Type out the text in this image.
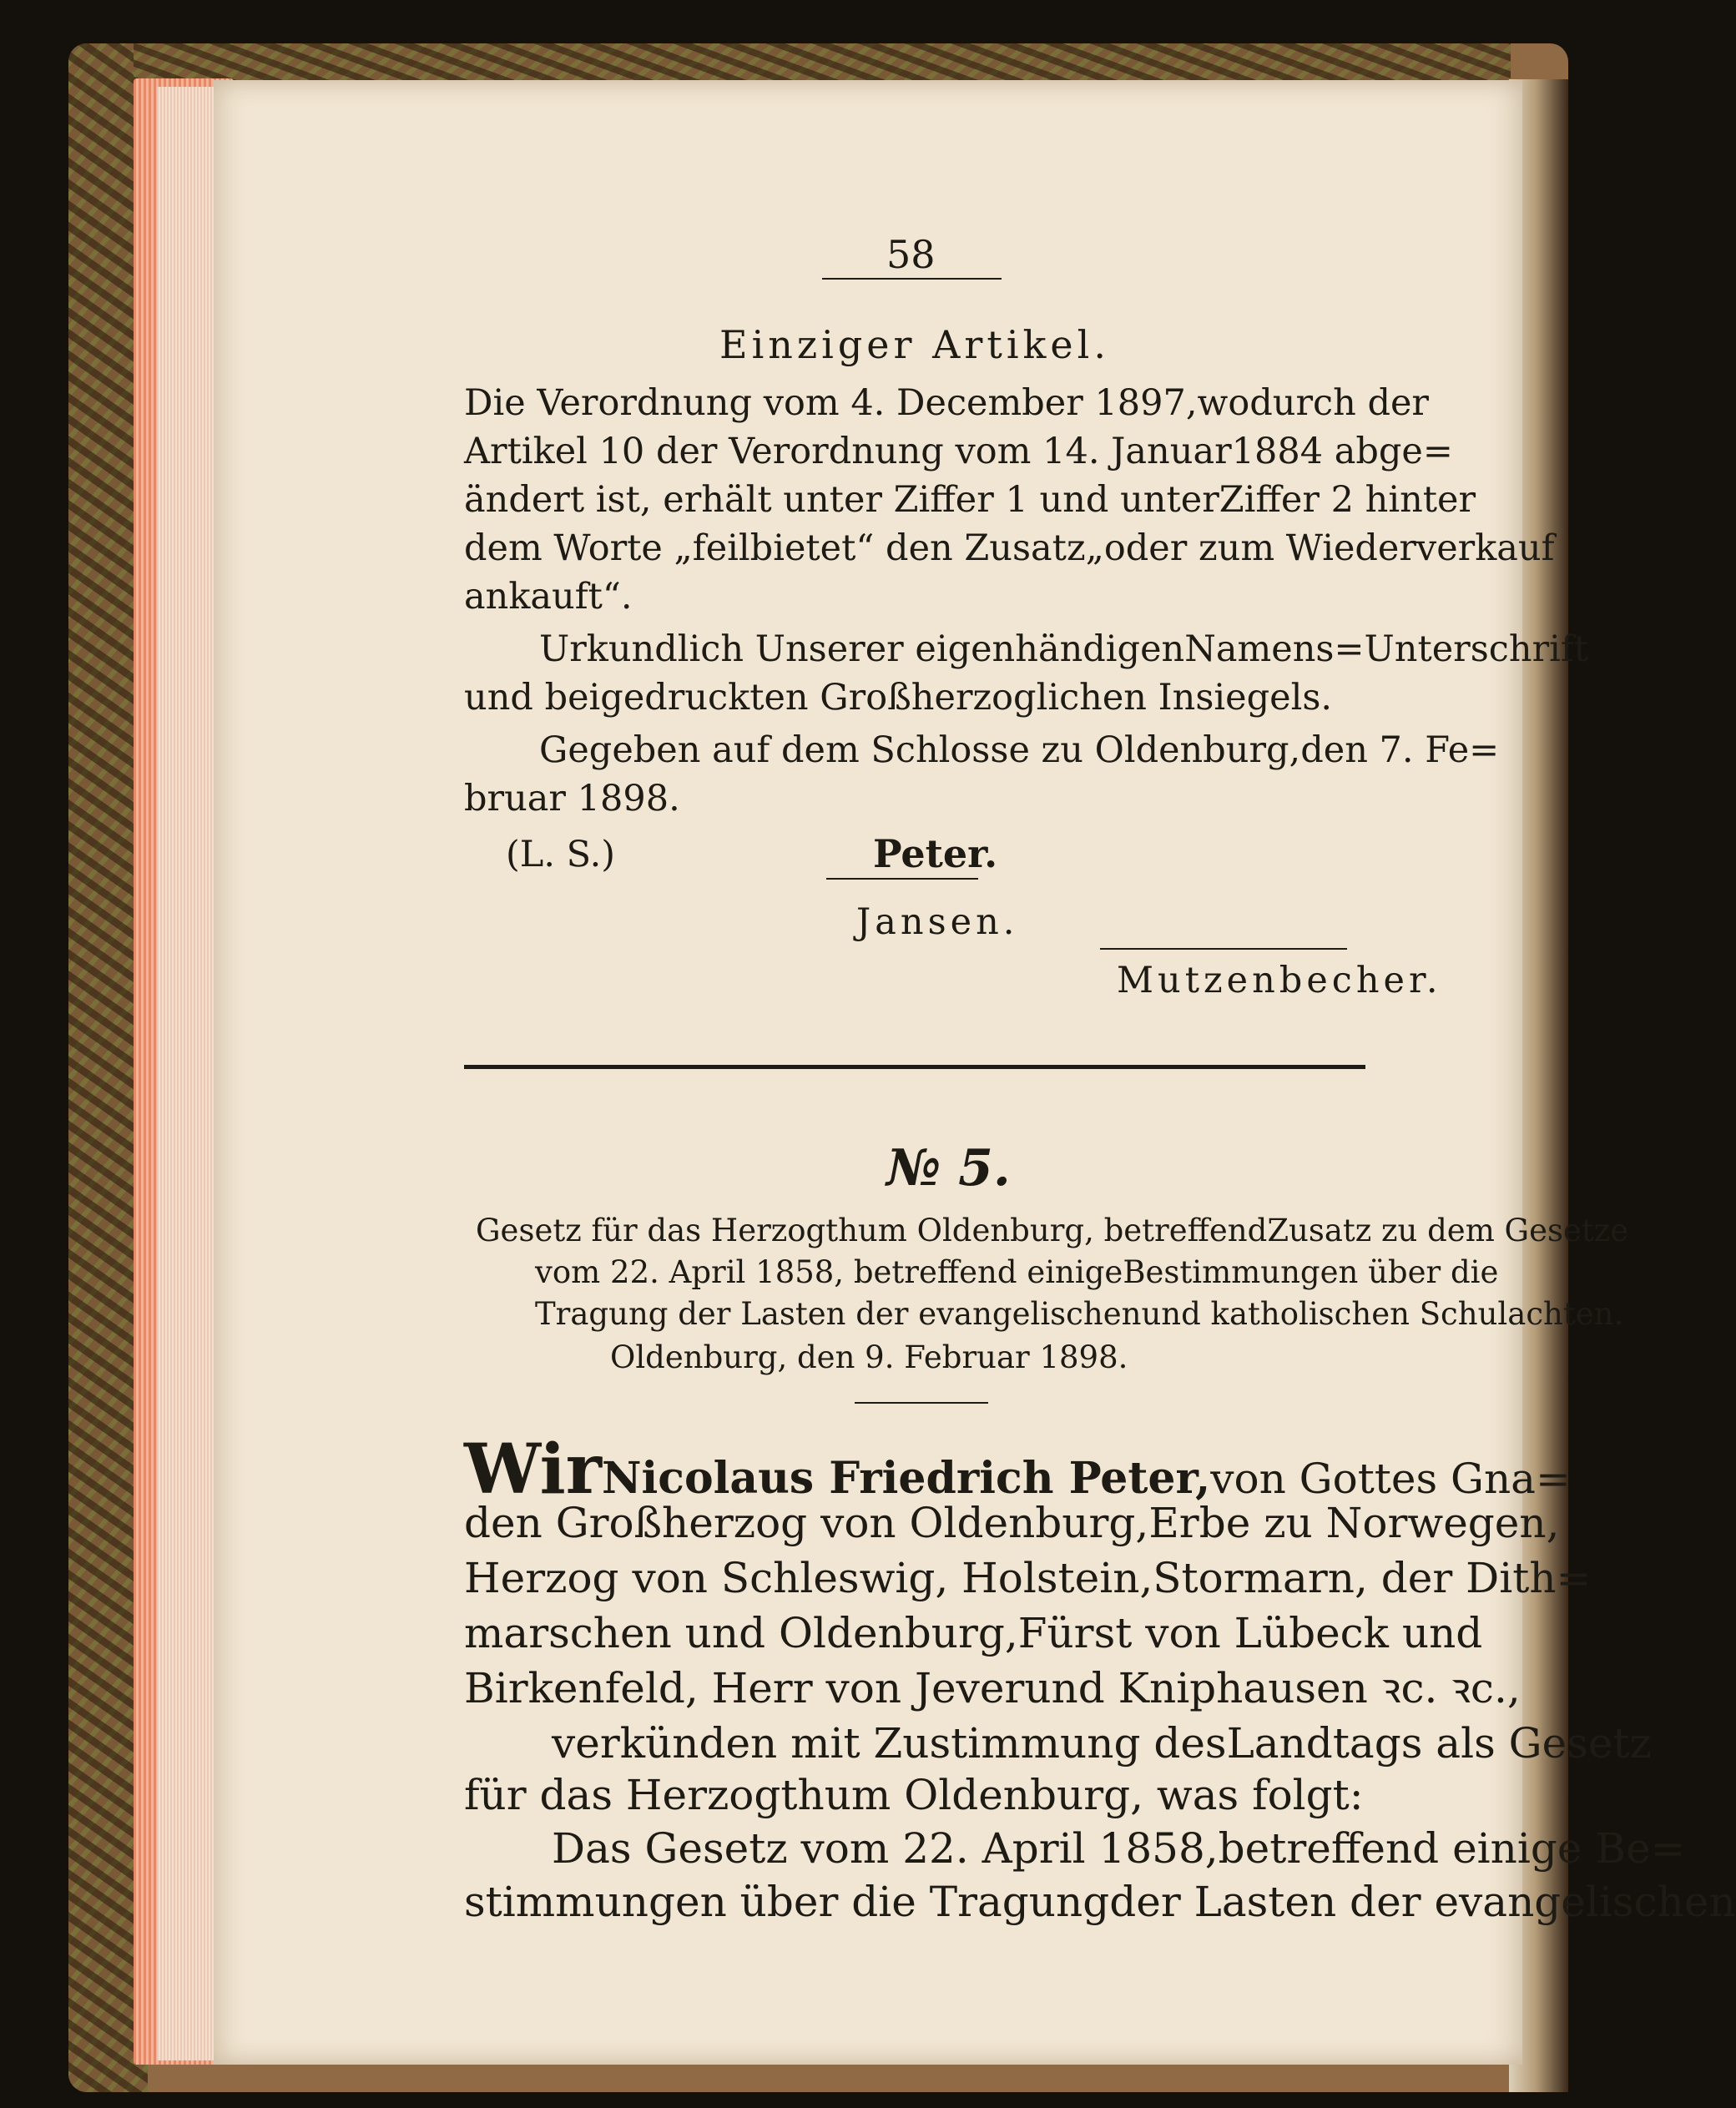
58
Einziger Artikel.
Die Verordnung vom 4. December 1897, wodurch der
Artikel 10 der Verordnung vom 14. Januar 1884 abge=
ändert ist, erhält unter Ziffer 1 und unter Ziffer 2 hinter
dem Worte „feilbietet“ den Zusatz „oder zum Wiederverkauf
ankauft“.
Urkundlich Unserer eigenhändigen Namens=Unterschrift
und beigedruckten Großherzoglichen Insiegels.
Gegeben auf dem Schlosse zu Oldenburg, den 7. Fe=
bruar 1898.
(L. S.)	Peter.
Jansen.
Mutzenbecher.
№ 5.
Gesetz für das Herzogthum Oldenburg, betreffend Zusatz zu dem Gesetze
vom 22. April 1858, betreffend einige Bestimmungen über die
Tragung der Lasten der evangelischen und katholischen Schulachten.
Oldenburg, den 9. Februar 1898.
Wir Nicolaus Friedrich Peter, von Gottes Gna=
den Großherzog von Oldenburg, Erbe zu Norwegen,
Herzog von Schleswig, Holstein, Stormarn, der Dith=
marschen und Oldenburg, Fürst von Lübeck und
Birkenfeld, Herr von Jever und Kniphausen ꝛc. ꝛc.,
verkünden mit Zustimmung des Landtags als Gesetz
für das Herzogthum Oldenburg, was folgt:
Das Gesetz vom 22. April 1858, betreffend einige Be=
stimmungen über die Tragung der Lasten der evangelischen
